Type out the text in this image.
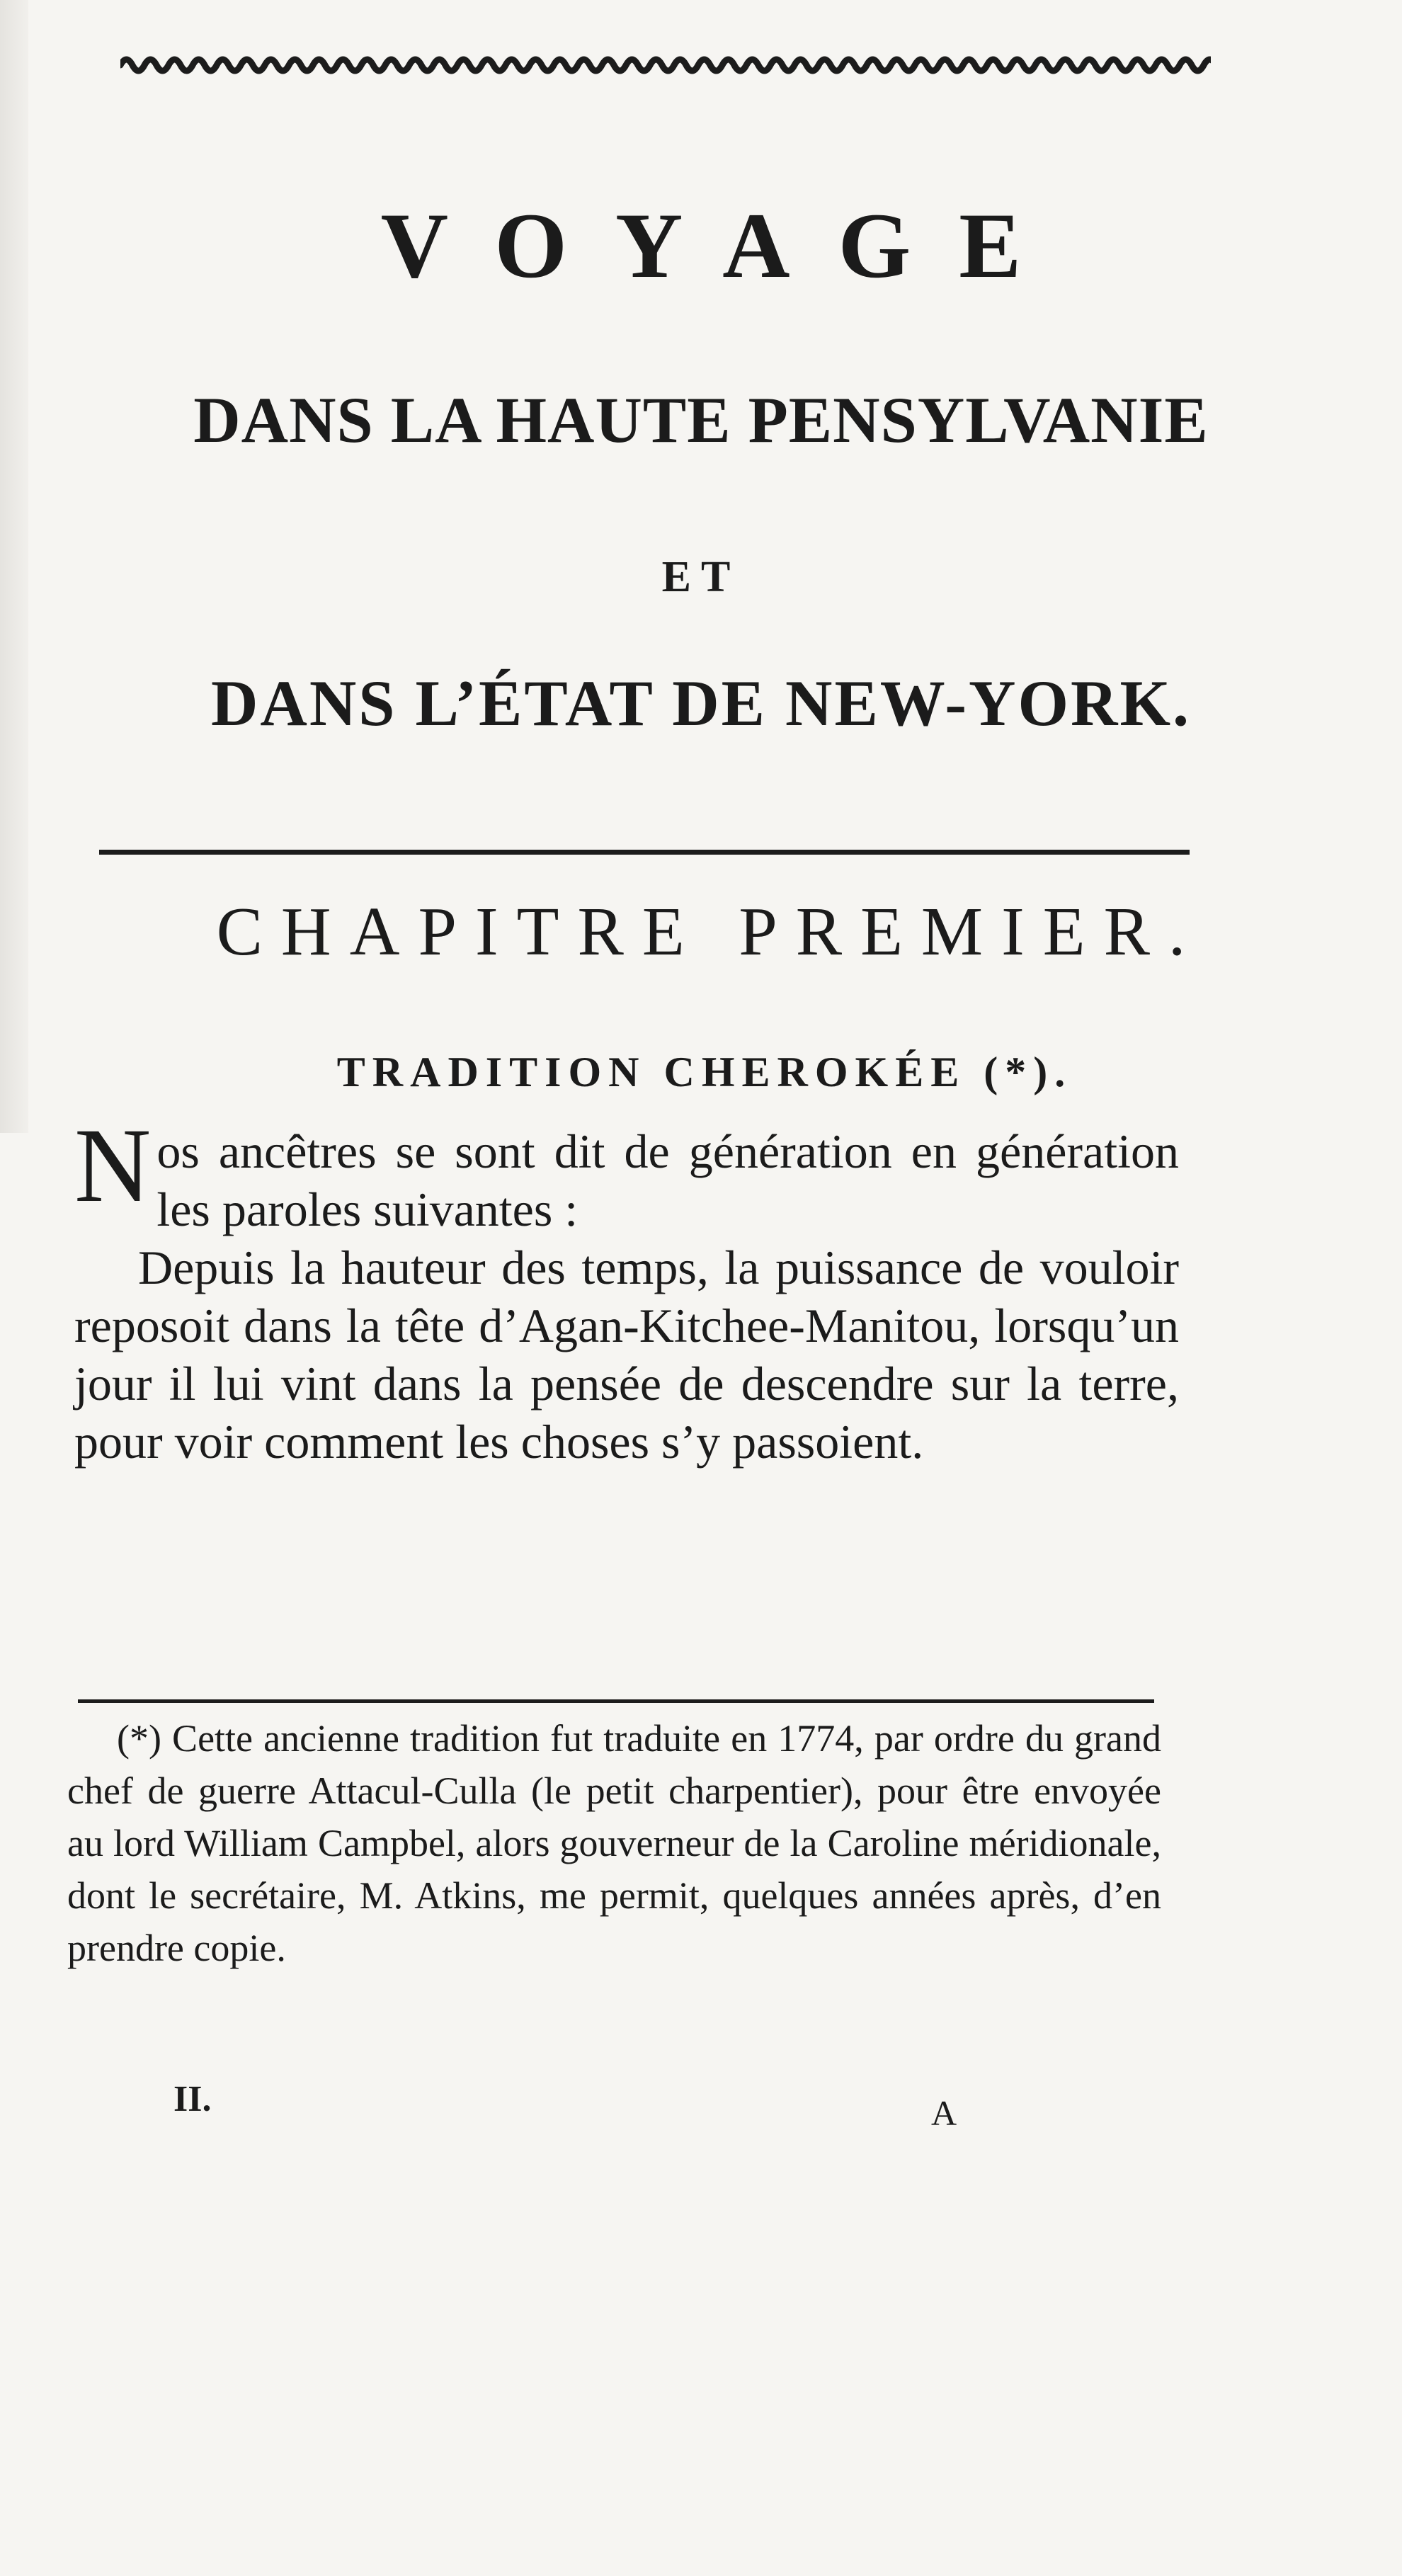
VOYAGE
DANS LA HAUTE PENSYLVANIE
ET
DANS L’ÉTAT DE NEW-YORK.
CHAPITRE PREMIER.
TRADITION CHEROKÉE (*).

N os ancêtres se sont dit de génération en génération les paroles suivantes :

Depuis la hauteur des temps, la puissance de vouloir reposoit dans la tête d’Agan-Kitchee-Manitou, lorsqu’un jour il lui vint dans la pensée de descendre sur la terre, pour voir comment les choses s’y passoient.

(*) Cette ancienne tradition fut traduite en 1774, par ordre du grand chef de guerre Attacul-Culla (le petit charpentier), pour être envoyée au lord William Campbel, alors gouverneur de la Caroline méridionale, dont le secrétaire, M. Atkins, me permit, quelques années après, d’en prendre copie.
II.	A
